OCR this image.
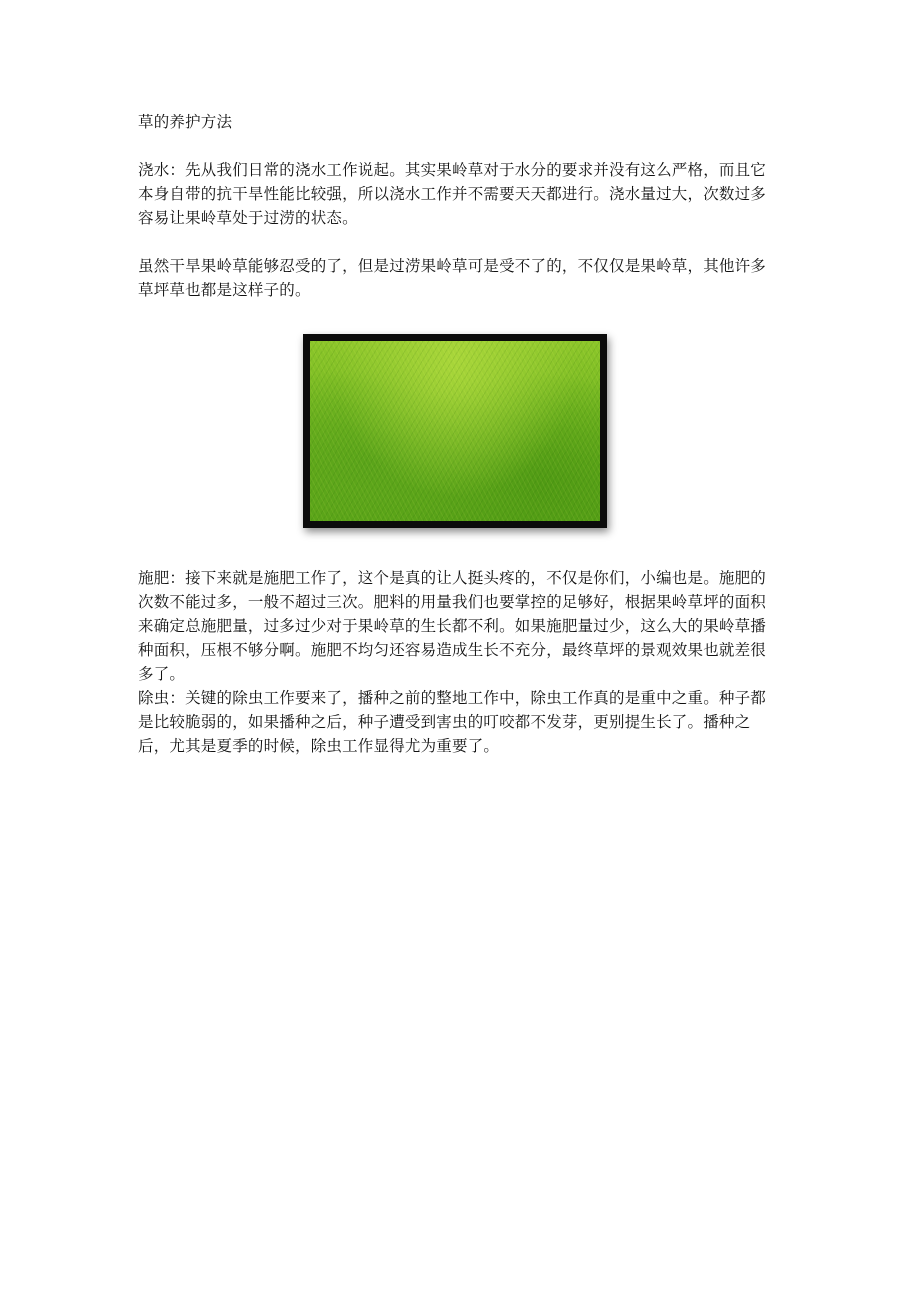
草的养护方法

浇水：先从我们日常的浇水工作说起。其实果岭草对于水分的要求并没有这么严格，而且它本身自带的抗干旱性能比较强，所以浇水工作并不需要天天都进行。浇水量过大，次数过多容易让果岭草处于过涝的状态。

虽然干旱果岭草能够忍受的了，但是过涝果岭草可是受不了的，不仅仅是果岭草，其他许多草坪草也都是这样子的。

施肥：接下来就是施肥工作了，这个是真的让人挺头疼的，不仅是你们，小编也是。施肥的次数不能过多，一般不超过三次。肥料的用量我们也要掌控的足够好，根据果岭草坪的面积来确定总施肥量，过多过少对于果岭草的生长都不利。如果施肥量过少，这么大的果岭草播种面积，压根不够分啊。施肥不均匀还容易造成生长不充分，最终草坪的景观效果也就差很多了。

除虫：关键的除虫工作要来了，播种之前的整地工作中，除虫工作真的是重中之重。种子都是比较脆弱的，如果播种之后，种子遭受到害虫的叮咬都不发芽，更别提生长了。播种之后，尤其是夏季的时候，除虫工作显得尤为重要了。
